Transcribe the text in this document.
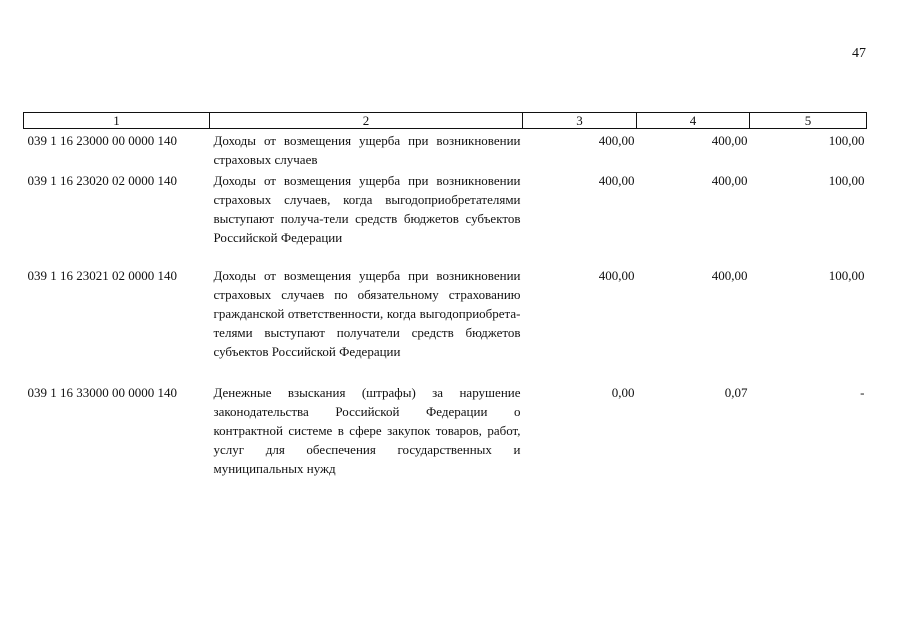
47
1	2	3	4	5
039 1 16 23000 00 0000 140	Доходы от возмещения ущерба при возникновении страховых случаев	400,00	400,00	100,00
039 1 16 23020 02 0000 140	Доходы от возмещения ущерба при возникновении страховых случаев, когда выгодоприобретателями выступают получа-тели средств бюджетов субъектов Российской Федерации	400,00	400,00	100,00
039 1 16 23021 02 0000 140	Доходы от возмещения ущерба при возникновении страховых случаев по обязательному страхованию гражданской ответственности, когда выгодоприобрета-телями выступают получатели средств бюджетов субъектов Российской Федерации	400,00	400,00	100,00
039 1 16 33000 00 0000 140	Денежные взыскания (штрафы) за нарушение законодательства Российской Федерации о контрактной системе в сфере закупок товаров, работ, услуг для обеспечения государственных и муниципальных нужд	0,00	0,07	-
